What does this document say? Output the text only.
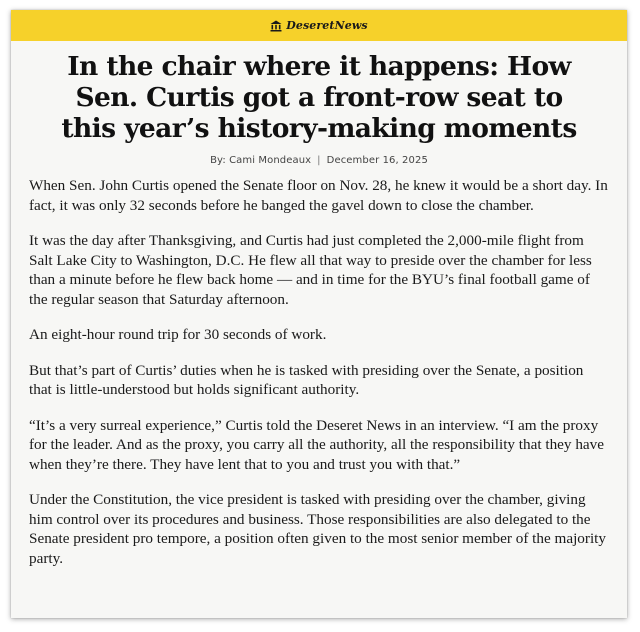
DeseretNews
In the chair where it happens: How
Sen. Curtis got a front-row seat to
this year’s history-making moments
By: Cami Mondeaux | December 16, 2025

When Sen. John Curtis opened the Senate floor on Nov. 28, he knew it would be a short day. In fact, it was only 32 seconds before he banged the gavel down to close the chamber.

It was the day after Thanksgiving, and Curtis had just completed the 2,000-mile flight from Salt Lake City to Washington, D.C. He flew all that way to preside over the chamber for less than a minute before he flew back home — and in time for the BYU’s final football game of the regular season that Saturday afternoon.

An eight-hour round trip for 30 seconds of work.

But that’s part of Curtis’ duties when he is tasked with presiding over the Senate, a position that is little-understood but holds significant authority.

“It’s a very surreal experience,” Curtis told the Deseret News in an interview. “I am the proxy for the leader. And as the proxy, you carry all the authority, all the responsibility that they have when they’re there. They have lent that to you and trust you with that.”

Under the Constitution, the vice president is tasked with presiding over the chamber, giving him control over its procedures and business. Those responsibilities are also delegated to the Senate president pro tempore, a position often given to the most senior member of the majority party.
